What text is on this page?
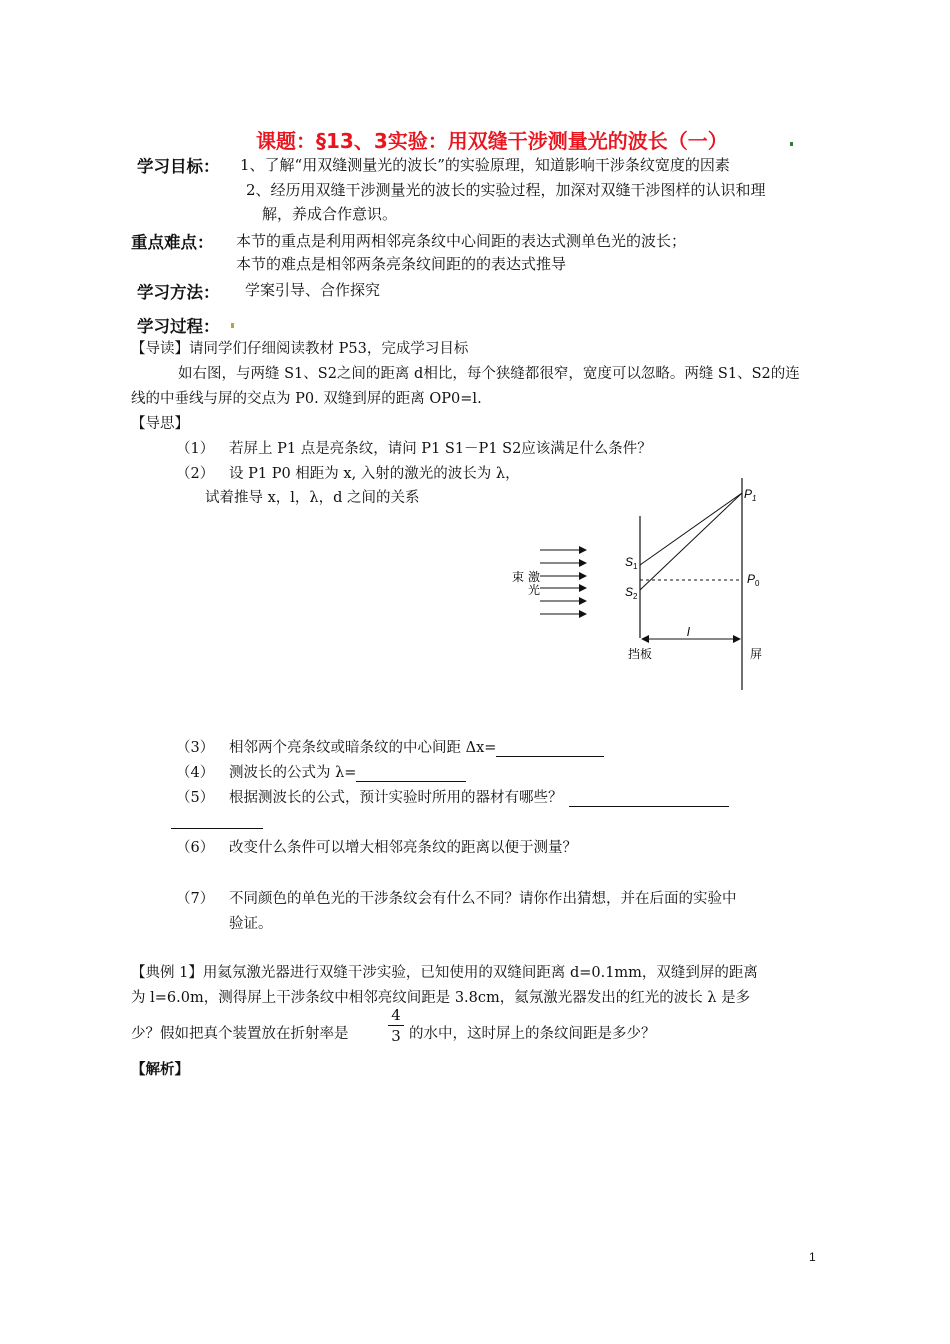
课题：§13、3实验：用双缝干涉测量光的波长（一）
学习目标： 1、了解“用双缝测量光的波长”的实验原理，知道影响干涉条纹宽度的因素
2、经历用双缝干涉测量光的波长的实验过程，加深对双缝干涉图样的认识和理
解，养成合作意识。
重点难点： 本节的重点是利用两相邻亮条纹中心间距的表达式测单色光的波长；
本节的难点是相邻两条亮条纹间距的的表达式推导
学习方法： 学案引导、合作探究
学习过程：
【导读】请同学们仔细阅读教材 P53，完成学习目标
如右图，与两缝 S1、S2之间的距离 d相比，每个狭缝都很窄，宽度可以忽略。两缝 S1、S2的连
线的中垂线与屏的交点为 P0. 双缝到屏的距离 OP0=l.
【导思】
（1） 若屏上 P1 点是亮条纹，请问 P1 S1－P1 S2应该满足什么条件？
（2） 设 P1 P0 相距为 x, 入射的激光的波长为 λ，
试着推导 x，l，λ，d 之间的关系	$P_1$
$P_0$
$S_1$
$S_2$
束 激
光
l
挡板	屏
（3） 相邻两个亮条纹或暗条纹的中心间距 Δx=
（4） 测波长的公式为 λ=
（5） 根据测波长的公式，预计实验时所用的器材有哪些？
（6） 改变什么条件可以增大相邻亮条纹的距离以便于测量？
（7） 不同颜色的单色光的干涉条纹会有什么不同？请你作出猜想，并在后面的实验中
验证。
【典例 1】用氦氖激光器进行双缝干涉实验，已知使用的双缝间距离 d=0.1mm，双缝到屏的距离
为 l=6.0m，测得屏上干涉条纹中相邻亮纹间距是 3.8cm，氦氖激光器发出的红光的波长 λ 是多
少？假如把真个装置放在折射率是	$\frac{4}{3}$ 的水中，这时屏上的条纹间距是多少？
【解析】
1
